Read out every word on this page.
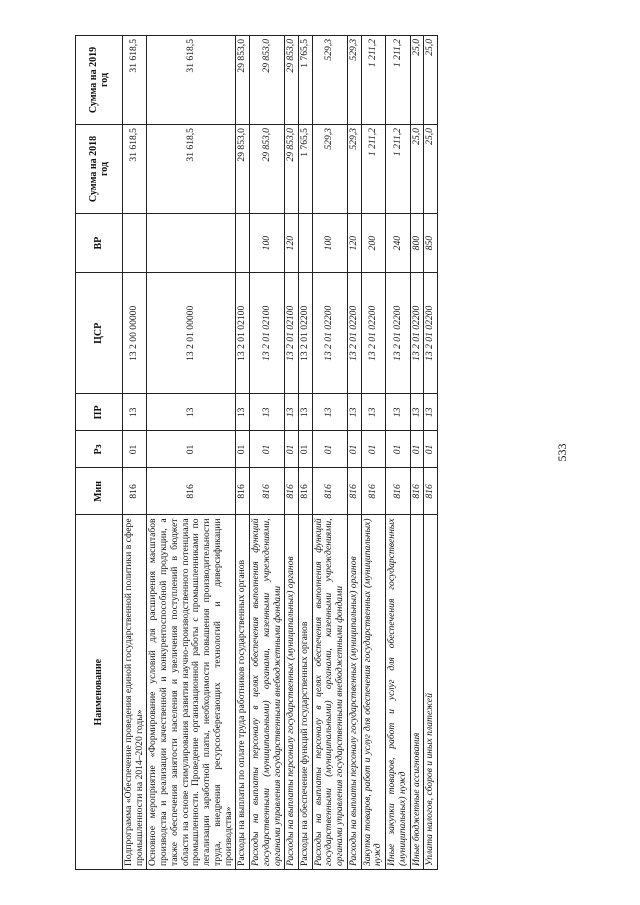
533
Наименование	Мин	Рз	ПР	ЦСР	ВР	Сумма на 2018 год	Сумма на 2019 год
Подпрограмма «Обеспечение проведения единой государственной политики в сфере промышленности на 2014–2020 годы»	816	01	13	13 2 00 00000		31 618,5	31 618,5
Основное мероприятие «Формирование условий для расширения масштабов производства и реализации качественной и конкурентоспособной продукции, а также обеспечения занятости населения и увеличения поступлений в бюджет области на основе стимулирования развития научно-производственного потенциала промышленности. Проведение организационной работы с промышленниками по легализации заработной платы, необходимости повышения производительности труда, внедрения ресурсосберегающих технологий и диверсификации производства»	816	01	13	13 2 01 00000		31 618,5	31 618,5
Расходы на выплаты по оплате труда работников государственных органов	816	01	13	13 2 01 02100		29 853,0	29 853,0
Расходы на выплаты персоналу в целях обеспечения выполнения функций государственными (муниципальными) органами, казенными учреждениями, органами управления государственными внебюджетными фондами	816	01	13	13 2 01 02100	100	29 853,0	29 853,0
Расходы на выплаты персоналу государственных (муниципальных) органов	816	01	13	13 2 01 02100	120	29 853,0	29 853,0
Расходы на обеспечение функций государственных органов	816	01	13	13 2 01 02200		1 765,5	1 765,5
Расходы на выплаты персоналу в целях обеспечения выполнения функций государственными (муниципальными) органами, казенными учреждениями, органами управления государственными внебюджетными фондами	816	01	13	13 2 01 02200	100	529,3	529,3
Расходы на выплаты персоналу государственных (муниципальных) органов	816	01	13	13 2 01 02200	120	529,3	529,3
Закупка товаров, работ и услуг для обеспечения государственных (муниципальных) нужд	816	01	13	13 2 01 02200	200	1 211,2	1 211,2
Иные закупки товаров, работ и услуг для обеспечения государственных (муниципальных) нужд	816	01	13	13 2 01 02200	240	1 211,2	1 211,2
Иные бюджетные ассигнования	816	01	13	13 2 01 02200	800	25,0	25,0
Уплата налогов, сборов и иных платежей	816	01	13	13 2 01 02200	850	25,0	25,0
